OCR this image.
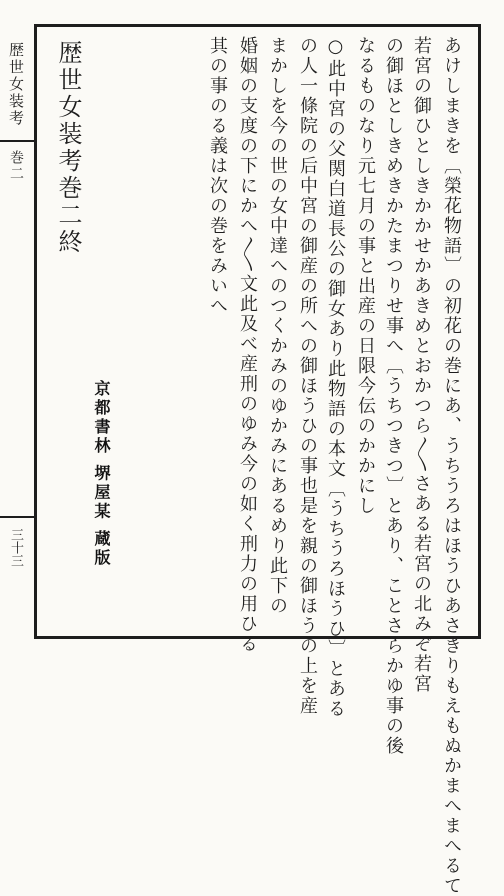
歴世女装考
巻二
三十三	あけしまきを〔榮花物語〕の初花の巻にあ、うちうろはほうひあさきりもえもぬかまへまへるて
若宮の御ひとしきかかせかあきめとおかつら〳〵さある若宮の北みぞ若宮
の御ほとしきめきかたまつりせ事へ〔うちつきつ〕とあり、ことさらかゆ事の後
なるものなり元七月の事と出産の日限今伝のかかにし
○此中宮の父関白道長公の御女あり此物語の本文〔うちうろほうひ〕とある
の人一條院の后中宮の御産の所への御ほうひの事也是を親の御ほうの上を産
まかしを今の世の女中達へのつくかみのゆかみにあるめり此下の
婚姻の支度の下にかへ〳〵文此及べ産刑のゆみ今の如く刑力の用ひる
其の事のる義は次の巻をみいへ
歴世女装考巻二終
京都書林 堺屋某 蔵版
